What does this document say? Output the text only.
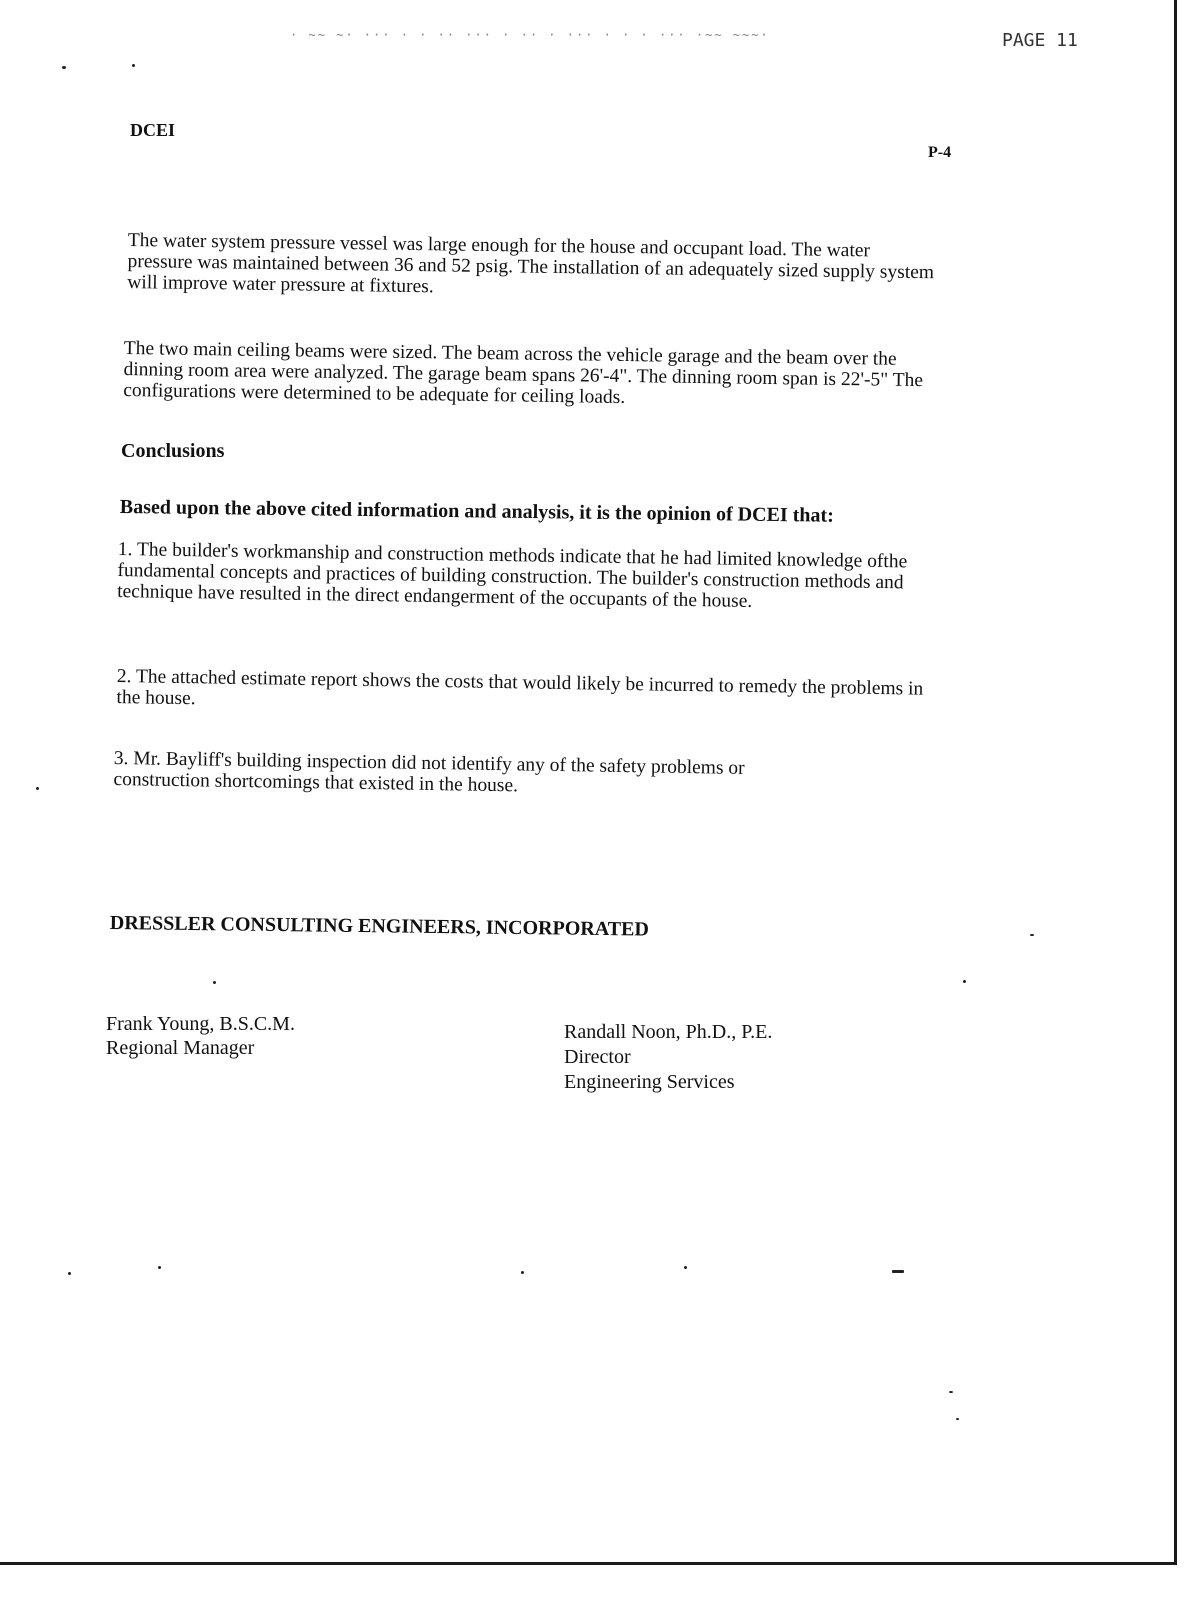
· ~~ ~· ··· · · ·· ··· · ·· · ··· · · · ··· ·~~ ~~~·	PAGE 11
DCEI
P-4

The water system pressure vessel was large enough for the house and occupant load. The water pressure was maintained between 36 and 52 psig. The installation of an adequately sized supply system will improve water pressure at fixtures.

The two main ceiling beams were sized. The beam across the vehicle garage and the beam over the dinning room area were analyzed. The garage beam spans 26'-4". The dinning room span is 22'-5" The configurations were determined to be adequate for ceiling loads.

Conclusions
Based upon the above cited information and analysis, it is the opinion of DCEI that:

1. The builder's workmanship and construction methods indicate that he had limited knowledge ofthe fundamental concepts and practices of building construction. The builder's construction methods and technique have resulted in the direct endangerment of the occupants of the house.

2. The attached estimate report shows the costs that would likely be incurred to remedy the problems in the house.

3. Mr. Bayliff's building inspection did not identify any of the safety problems or construction shortcomings that existed in the house.

DRESSLER CONSULTING ENGINEERS, INCORPORATED
Frank Young, B.S.C.M.
Regional Manager
Randall Noon, Ph.D., P.E.
Director
Engineering Services
